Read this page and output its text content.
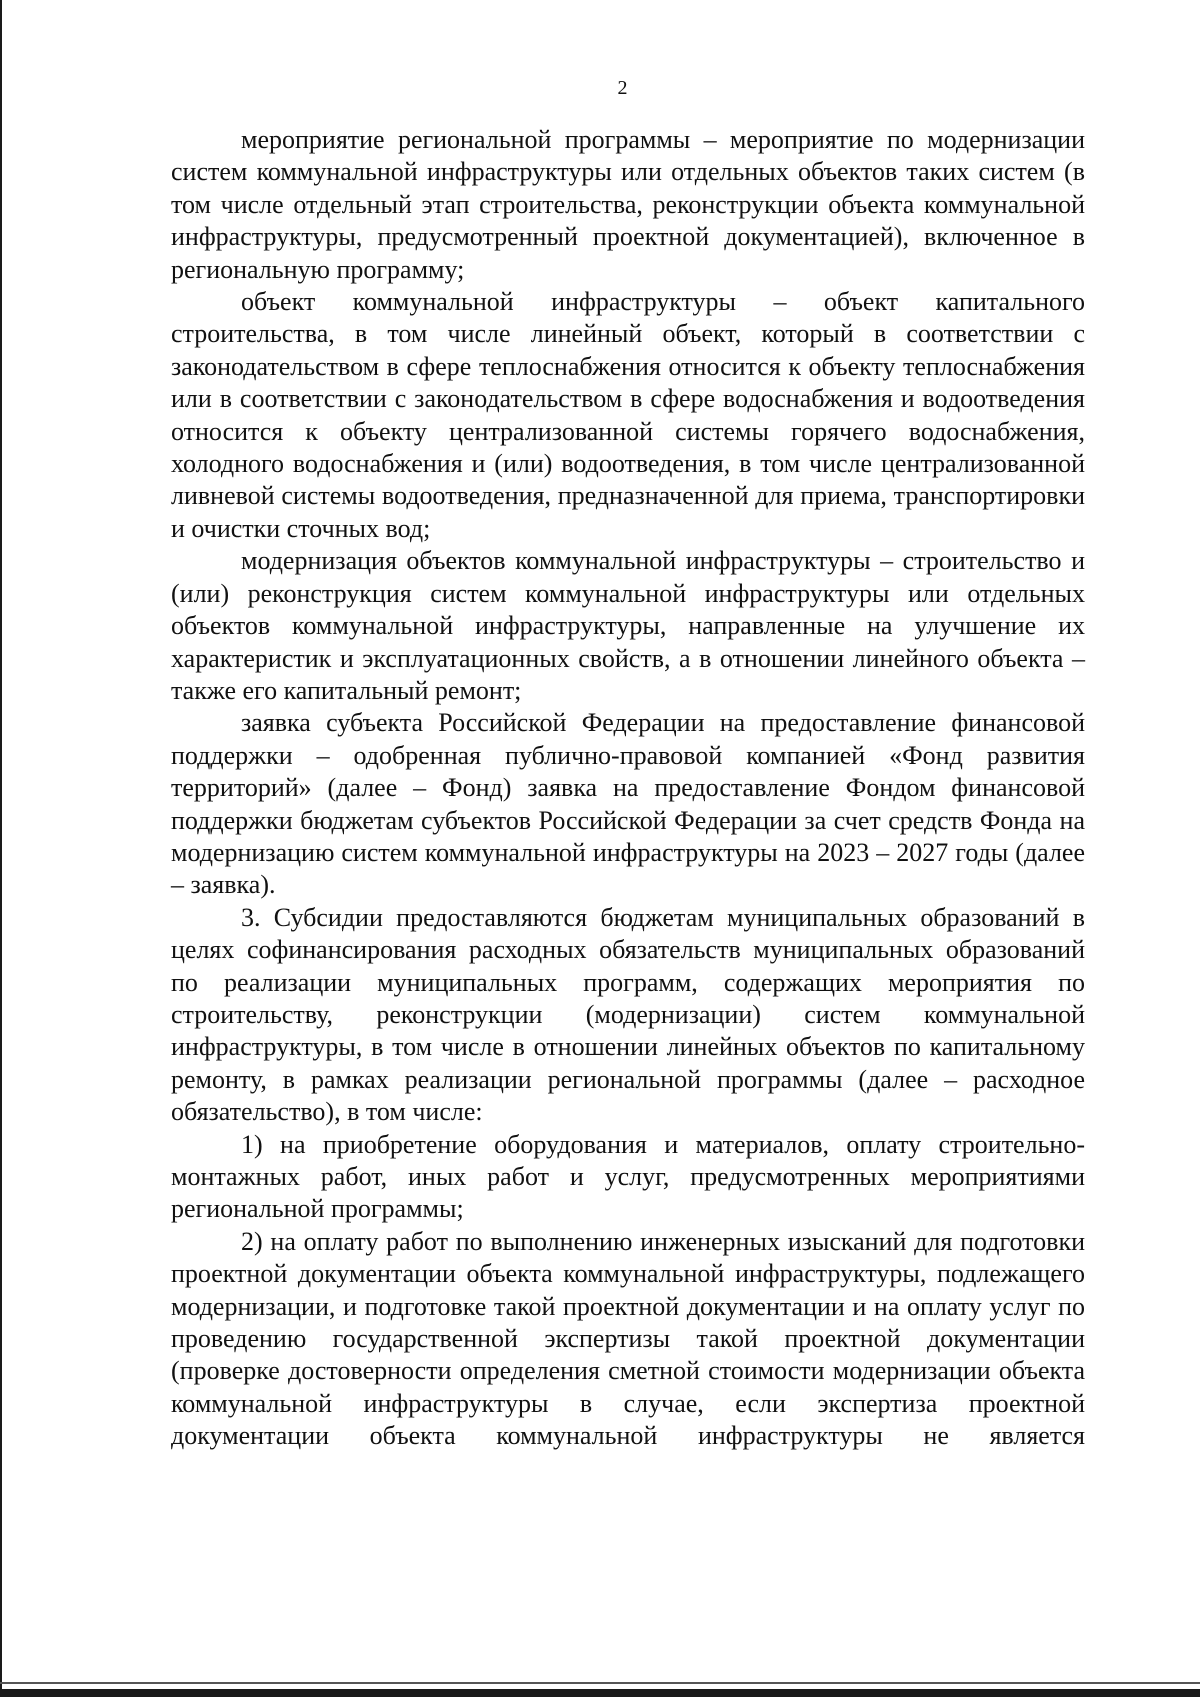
2

мероприятие региональной программы – мероприятие по модернизации систем коммунальной инфраструктуры или отдельных объектов таких систем (в том числе отдельный этап строительства, реконструкции объекта коммунальной инфраструктуры, предусмотренный проектной документацией), включенное в региональную программу;

объект коммунальной инфраструктуры – объект капитального строительства, в том числе линейный объект, который в соответствии с законодательством в сфере теплоснабжения относится к объекту теплоснабжения или в соответствии с законодательством в сфере водоснабжения и водоотведения относится к объекту централизованной системы горячего водоснабжения, холодного водоснабжения и (или) водоотведения, в том числе централизованной ливневой системы водоотведения, предназначенной для приема, транспортировки и очистки сточных вод;

модернизация объектов коммунальной инфраструктуры – строительство и (или) реконструкция систем коммунальной инфраструктуры или отдельных объектов коммунальной инфраструктуры, направленные на улучшение их характеристик и эксплуатационных свойств, а в отношении линейного объекта – также его капитальный ремонт;

заявка субъекта Российской Федерации на предоставление финансовой поддержки – одобренная публично-правовой компанией «Фонд развития территорий» (далее – Фонд) заявка на предоставление Фондом финансовой поддержки бюджетам субъектов Российской Федерации за счет средств Фонда на модернизацию систем коммунальной инфраструктуры на 2023 – 2027 годы (далее – заявка).

3. Субсидии предоставляются бюджетам муниципальных образований в целях софинансирования расходных обязательств муниципальных образований по реализации муниципальных программ, содержащих мероприятия по строительству, реконструкции (модернизации) систем коммунальной инфраструктуры, в том числе в отношении линейных объектов по капитальному ремонту, в рамках реализации региональной программы (далее – расходное обязательство), в том числе:

1) на приобретение оборудования и материалов, оплату строительно-монтажных работ, иных работ и услуг, предусмотренных мероприятиями региональной программы;

2) на оплату работ по выполнению инженерных изысканий для подготовки проектной документации объекта коммунальной инфраструктуры, подлежащего модернизации, и подготовке такой проектной документации и на оплату услуг по проведению государственной экспертизы такой проектной документации (проверке достоверности определения сметной стоимости модернизации объекта коммунальной инфраструктуры в случае, если экспертиза проектной документации объекта коммунальной инфраструктуры не является
